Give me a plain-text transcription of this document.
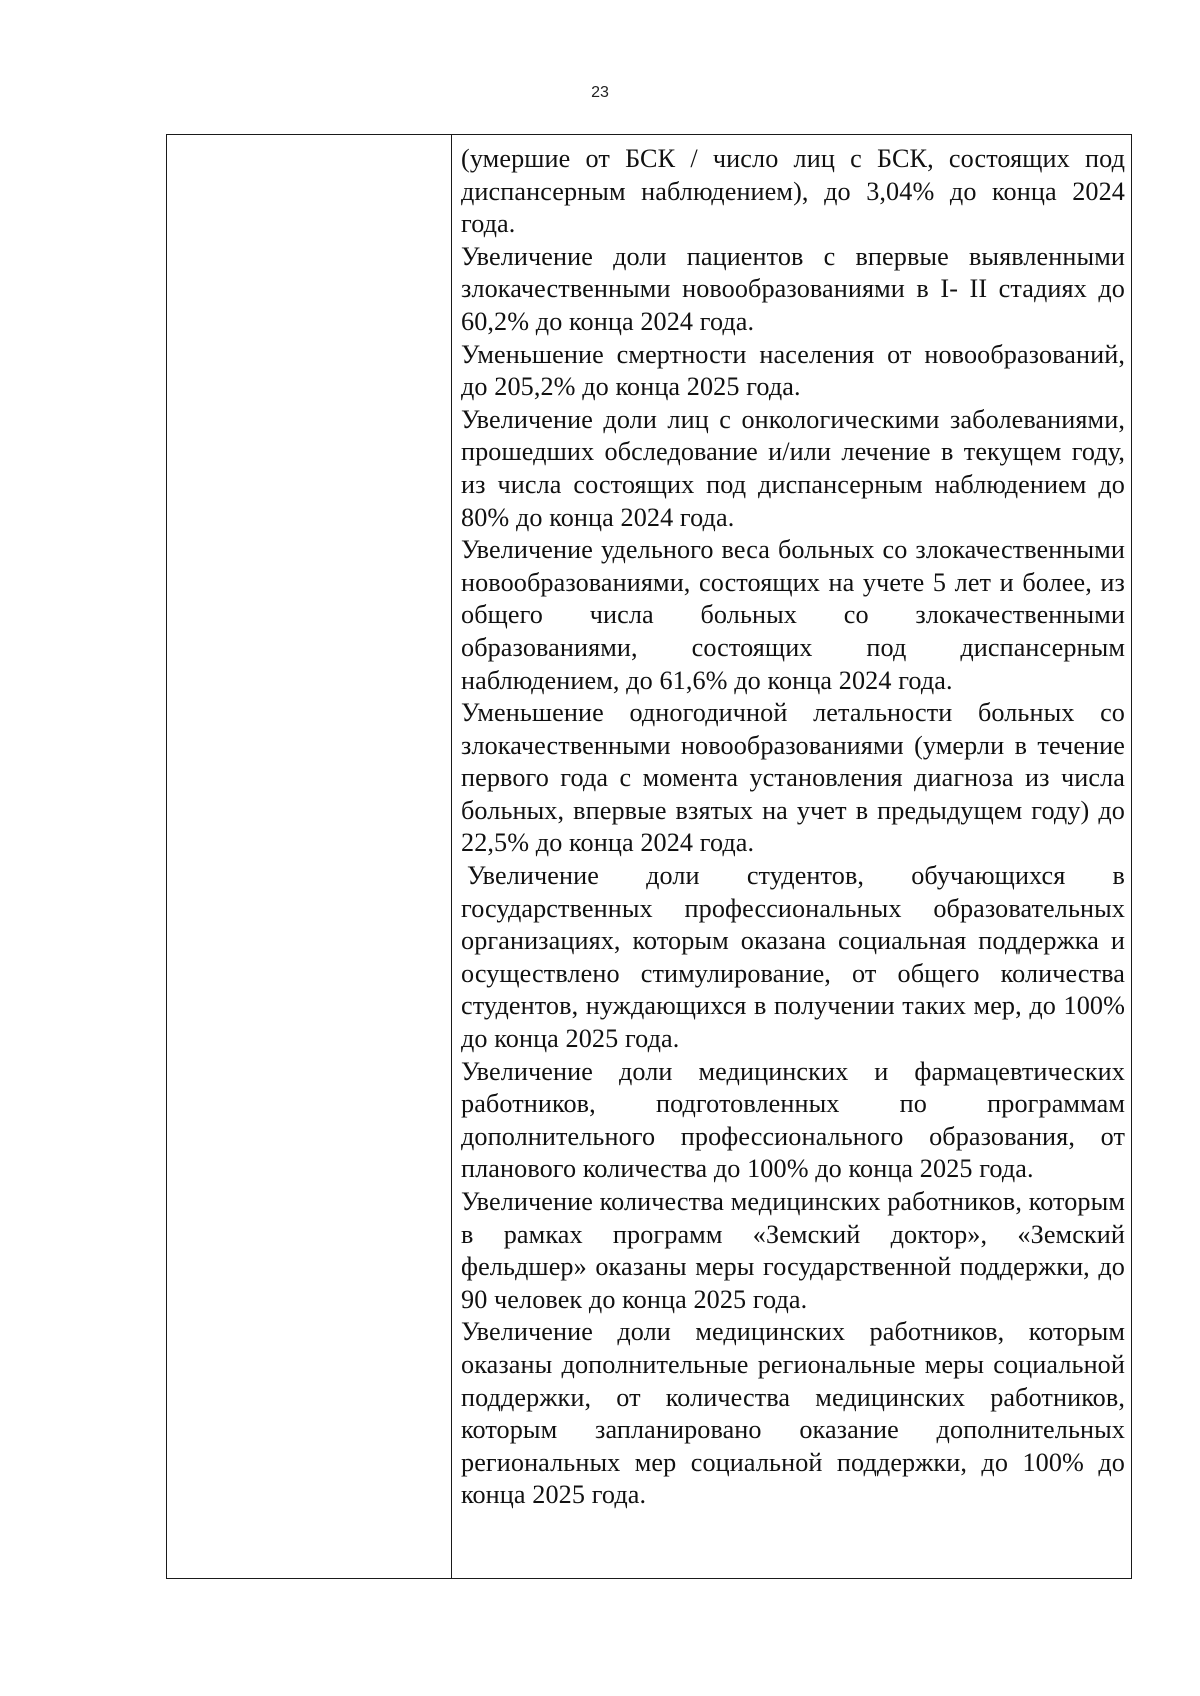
23

(умершие от БСК / число лиц с БСК, состоящих под диспансерным наблюдением), до 3,04% до конца 2024 года.

Увеличение доли пациентов с впервые выявленными злокачественными новообразованиями в I- II стадиях до 60,2% до конца 2024 года.

Уменьшение смертности населения от новообразований, до 205,2% до конца 2025 года.

Увеличение доли лиц с онкологическими заболеваниями, прошедших обследование и/или лечение в текущем году, из числа состоящих под диспансерным наблюдением до 80% до конца 2024 года.

Увеличение удельного веса больных со злокачественными новообразованиями, состоящих на учете 5 лет и более, из общего числа больных со злокачественными образованиями, состоящих под диспансерным наблюдением, до 61,6% до конца 2024 года.

Уменьшение одногодичной летальности больных со злокачественными новообразованиями (умерли в течение первого года с момента установления диагноза из числа больных, впервые взятых на учет в предыдущем году) до 22,5% до конца 2024 года.

Увеличение доли студентов, обучающихся в государственных профессиональных образовательных организациях, которым оказана социальная поддержка и осуществлено стимулирование, от общего количества студентов, нуждающихся в получении таких мер, до 100% до конца 2025 года.

Увеличение доли медицинских и фармацевтических работников, подготовленных по программам дополнительного профессионального образования, от планового количества до 100% до конца 2025 года.

Увеличение количества медицинских работников, которым в рамках программ «Земский доктор», «Земский фельдшер» оказаны меры государственной поддержки, до 90 человек до конца 2025 года.

Увеличение доли медицинских работников, которым оказаны дополнительные региональные меры социальной поддержки, от количества медицинских работников, которым запланировано оказание дополнительных региональных мер социальной поддержки, до 100% до конца 2025 года.
